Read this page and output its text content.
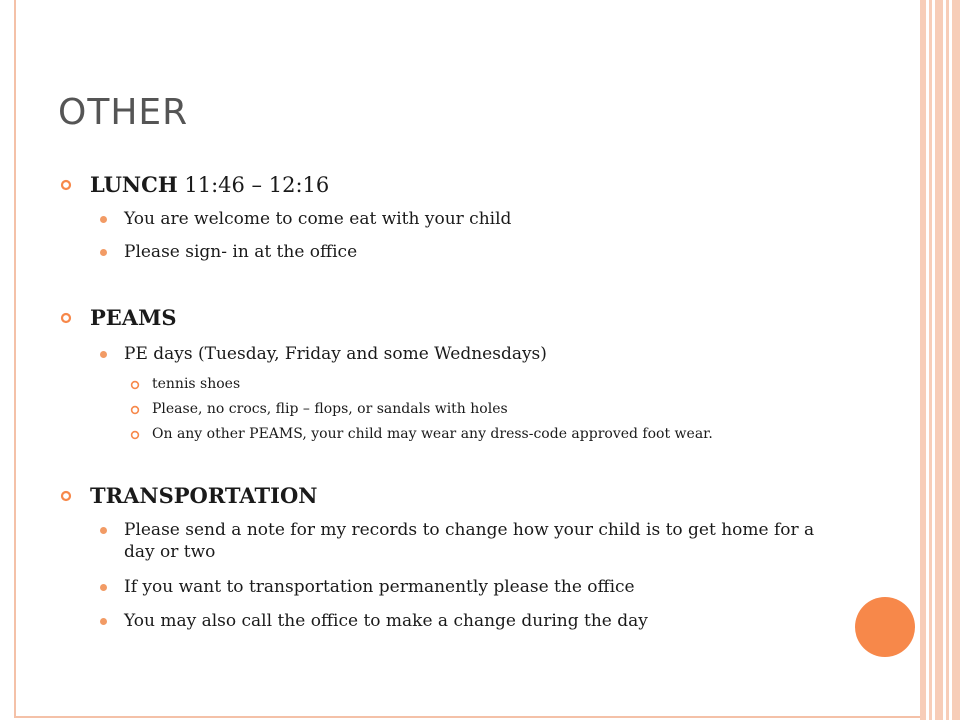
OTHER

LUNCH 11:46 – 12:16

You are welcome to come eat with your child

Please sign- in at the office

PEAMS

PE days (Tuesday, Friday and some Wednesdays)

tennis shoes

Please, no crocs, flip – flops, or sandals with holes

On any other PEAMS, your child may wear any dress-code approved foot wear.

TRANSPORTATION

Please send a note for my records to change how your child is to get home for a day or two

If you want to transportation permanently please the office

You may also call the office to make a change during the day
